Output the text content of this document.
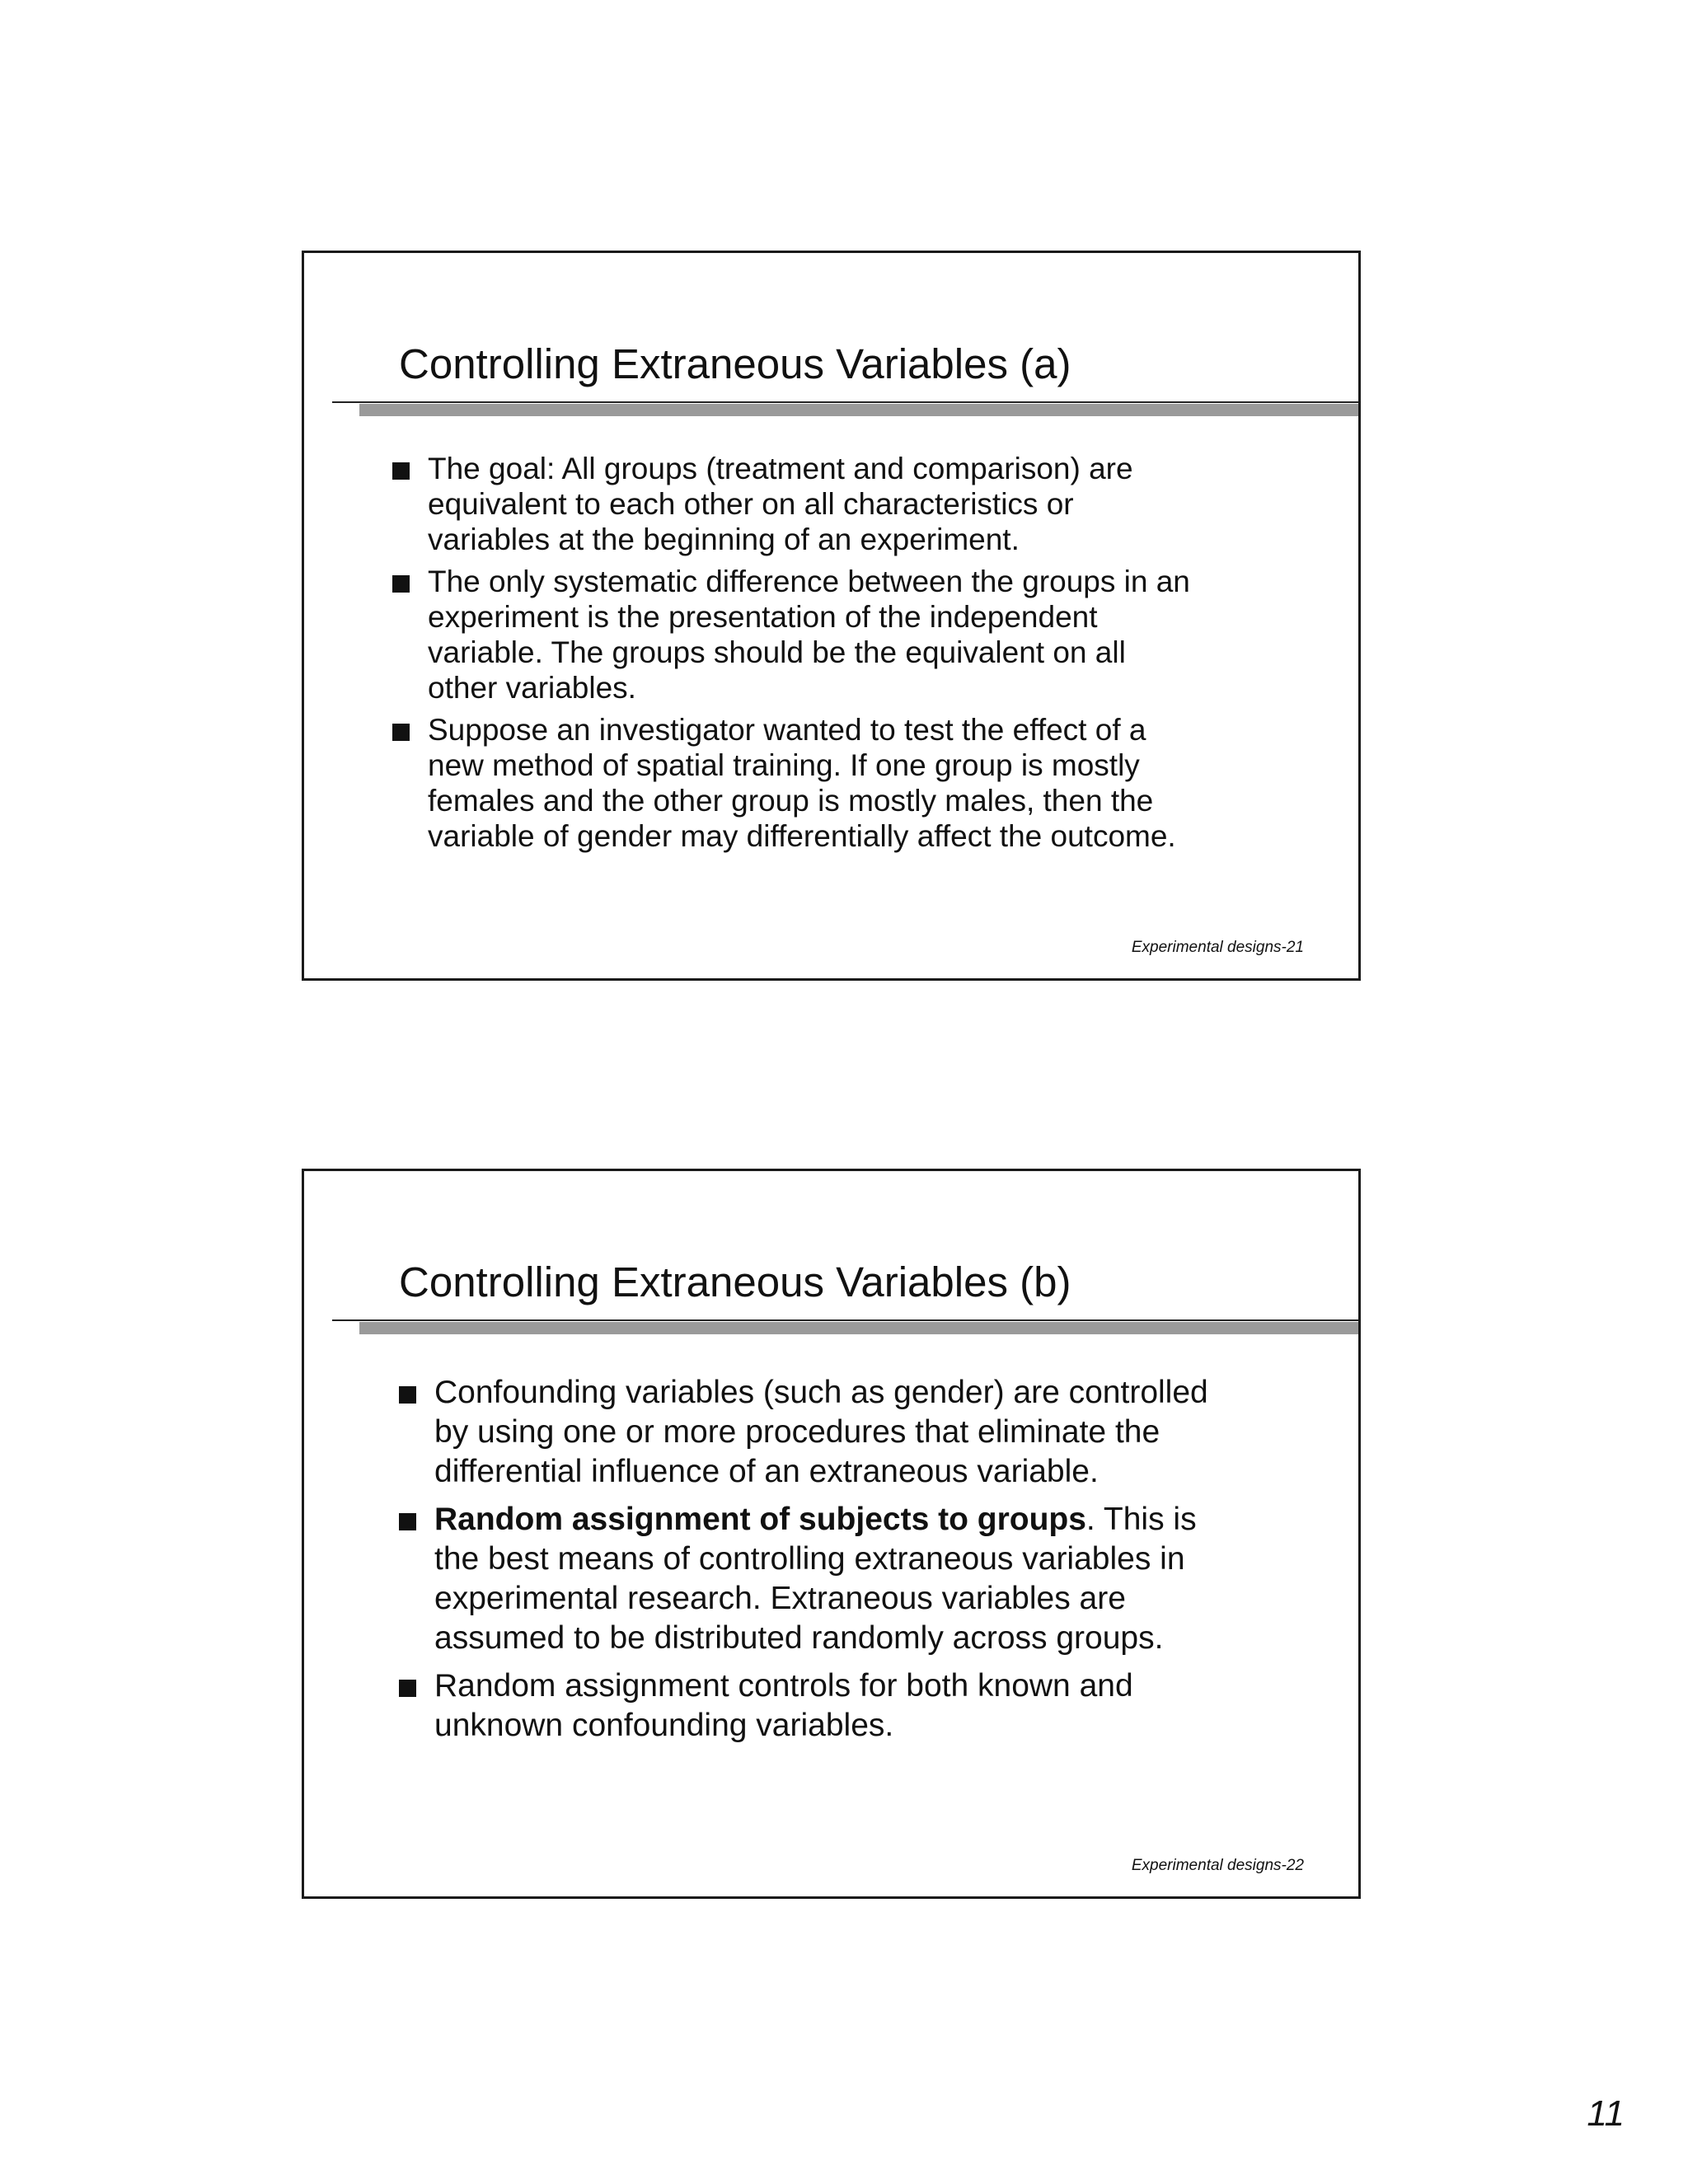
Controlling Extraneous Variables (a)
The goal: All groups (treatment and comparison) are
equivalent to each other on all characteristics or
variables at the beginning of an experiment.
The only systematic difference between the groups in an
experiment is the presentation of the independent
variable. The groups should be the equivalent on all
other variables.
Suppose an investigator wanted to test the effect of a
new method of spatial training. If one group is mostly
females and the other group is mostly males, then the
variable of gender may differentially affect the outcome.
Experimental designs-21
Controlling Extraneous Variables (b)
Confounding variables (such as gender) are controlled
by using one or more procedures that eliminate the
differential influence of an extraneous variable.
Random assignment of subjects to groups. This is
the best means of controlling extraneous variables in
experimental research. Extraneous variables are
assumed to be distributed randomly across groups.
Random assignment controls for both known and
unknown confounding variables.
Experimental designs-22
11
